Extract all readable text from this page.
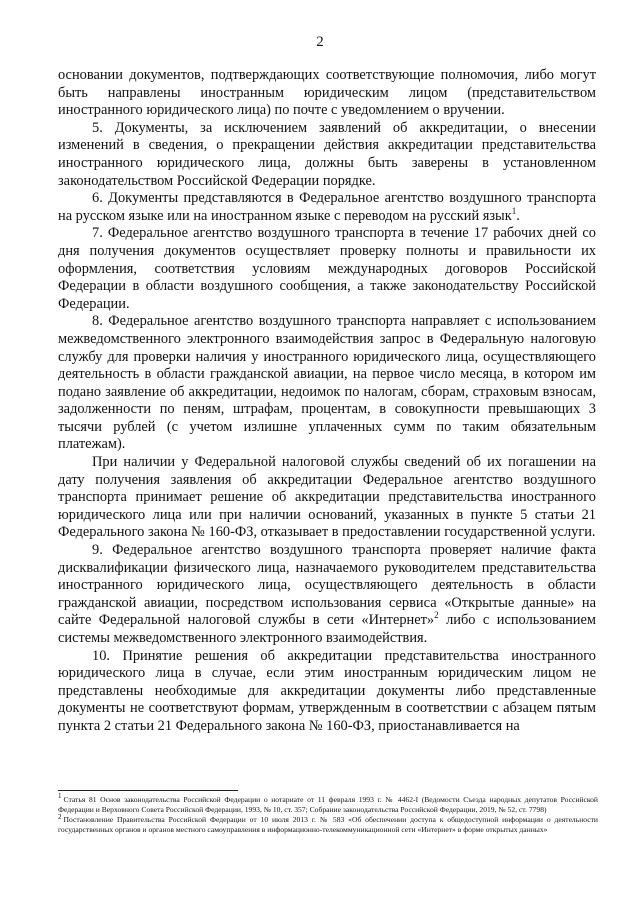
2

основании документов, подтверждающих соответствующие полномочия, либо могут быть направлены иностранным юридическим лицом (представительством иностранного юридического лица) по почте с уведомлением о вручении.

5. Документы, за исключением заявлений об аккредитации, о внесении изменений в сведения, о прекращении действия аккредитации представительства иностранного юридического лица, должны быть заверены в установленном законодательством Российской Федерации порядке.

6. Документы представляются в Федеральное агентство воздушного транспорта на русском языке или на иностранном языке с переводом на русский язык$^1$.

7. Федеральное агентство воздушного транспорта в течение 17 рабочих дней со дня получения документов осуществляет проверку полноты и правильности их оформления, соответствия условиям международных договоров Российской Федерации в области воздушного сообщения, а также законодательству Российской Федерации.

8. Федеральное агентство воздушного транспорта направляет с использованием межведомственного электронного взаимодействия запрос в Федеральную налоговую службу для проверки наличия у иностранного юридического лица, осуществляющего деятельность в области гражданской авиации, на первое число месяца, в котором им подано заявление об аккредитации, недоимок по налогам, сборам, страховым взносам, задолженности по пеням, штрафам, процентам, в совокупности превышающих 3 тысячи рублей (с учетом излишне уплаченных сумм по таким обязательным платежам).

При наличии у Федеральной налоговой службы сведений об их погашении на дату получения заявления об аккредитации Федеральное агентство воздушного транспорта принимает решение об аккредитации представительства иностранного юридического лица или при наличии оснований, указанных в пункте 5 статьи 21 Федерального закона № 160-ФЗ, отказывает в предоставлении государственной услуги.

9. Федеральное агентство воздушного транспорта проверяет наличие факта дисквалификации физического лица, назначаемого руководителем представительства иностранного юридического лица, осуществляющего деятельность в области гражданской авиации, посредством использования сервиса «Открытые данные» на сайте Федеральной налоговой службы в сети «Интернет»$^2$ либо с использованием системы межведомственного электронного взаимодействия.

10. Принятие решения об аккредитации представительства иностранного юридического лица в случае, если этим иностранным юридическим лицом не представлены необходимые для аккредитации документы либо представленные документы не соответствуют формам, утвержденным в соответствии с абзацем пятым пункта 2 статьи 21 Федерального закона № 160-ФЗ, приостанавливается на

1 Статья 81 Основ законодательства Российской Федерации о нотариате от 11 февраля 1993 г. № 4462-I (Ведомости Съезда народных депутатов Российской Федерации и Верховного Совета Российской Федерации, 1993, № 10, ст. 357; Собрание законодательства Российской Федерации, 2019, № 52, ст. 7798)

2 Постановление Правительства Российской Федерации от 10 июля 2013 г. № 583 «Об обеспечении доступа к общедоступной информации о деятельности государственных органов и органов местного самоуправления в информационно-телекоммуникационной сети «Интернет» в форме открытых данных»
